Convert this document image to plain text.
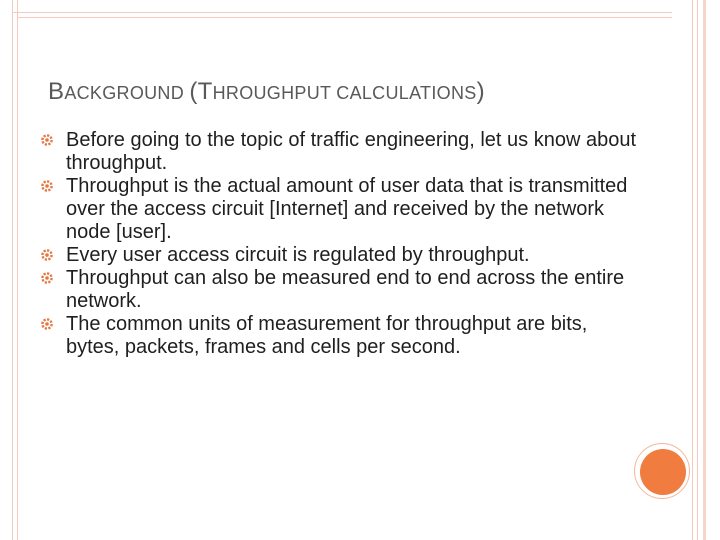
BACKGROUND (THROUGHPUT CALCULATIONS)
Before going to the topic of traffic engineering, let us know about throughput.
Throughput is the actual amount of user data that is transmitted over the access circuit [Internet] and received by the network node [user].
Every user access circuit is regulated by throughput.
Throughput can also be measured end to end across the entire network.
The common units of measurement for throughput are bits, bytes, packets, frames and cells per second.
